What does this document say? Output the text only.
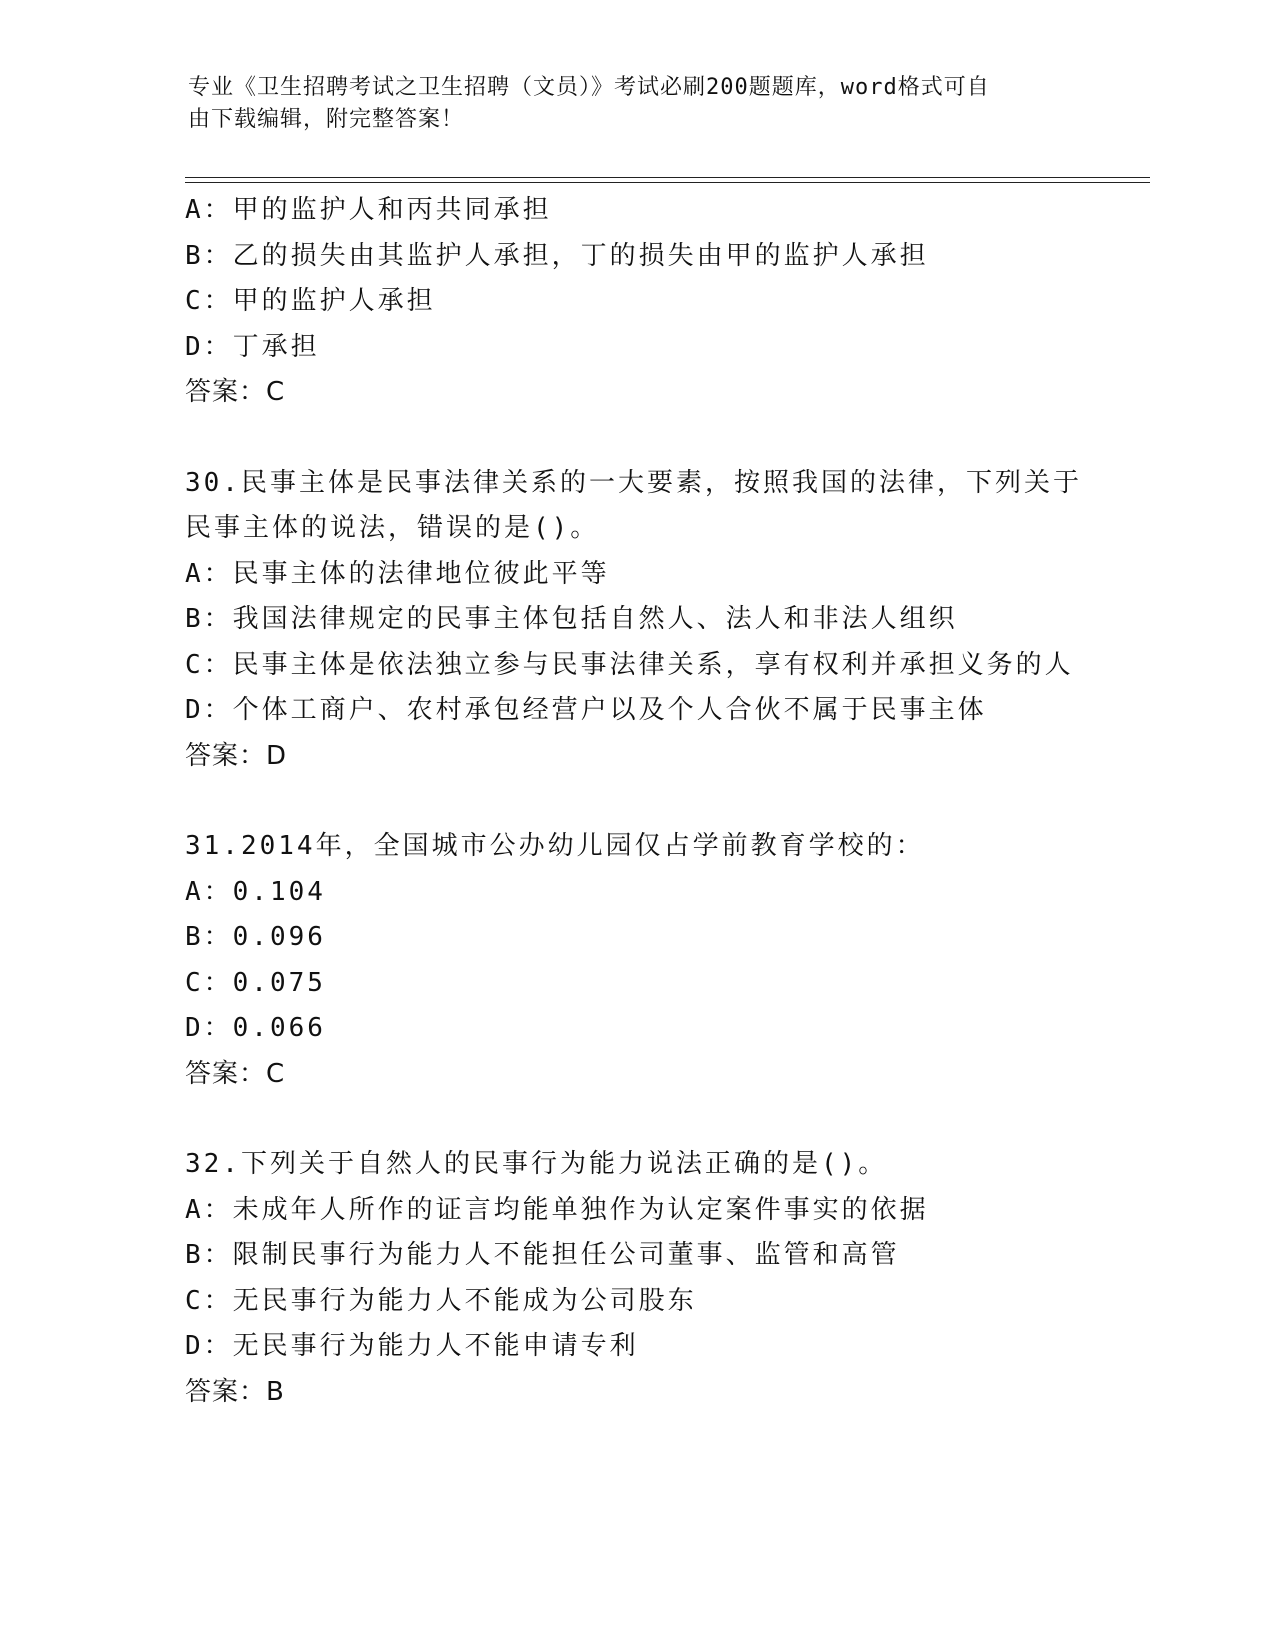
专业《卫生招聘考试之卫生招聘（文员）》考试必刷200题题库，word格式可自
由下载编辑，附完整答案！
A：甲的监护人和丙共同承担
B：乙的损失由其监护人承担，丁的损失由甲的监护人承担
C：甲的监护人承担
D：丁承担
答案：C
30.民事主体是民事法律关系的一大要素，按照我国的法律，下列关于
民事主体的说法，错误的是()。
A：民事主体的法律地位彼此平等
B：我国法律规定的民事主体包括自然人、法人和非法人组织
C：民事主体是依法独立参与民事法律关系，享有权利并承担义务的人
D：个体工商户、农村承包经营户以及个人合伙不属于民事主体
答案：D
31.2014年，全国城市公办幼儿园仅占学前教育学校的：
A：0.104
B：0.096
C：0.075
D：0.066
答案：C
32.下列关于自然人的民事行为能力说法正确的是()。
A：未成年人所作的证言均能单独作为认定案件事实的依据
B：限制民事行为能力人不能担任公司董事、监管和高管
C：无民事行为能力人不能成为公司股东
D：无民事行为能力人不能申请专利
答案：B
